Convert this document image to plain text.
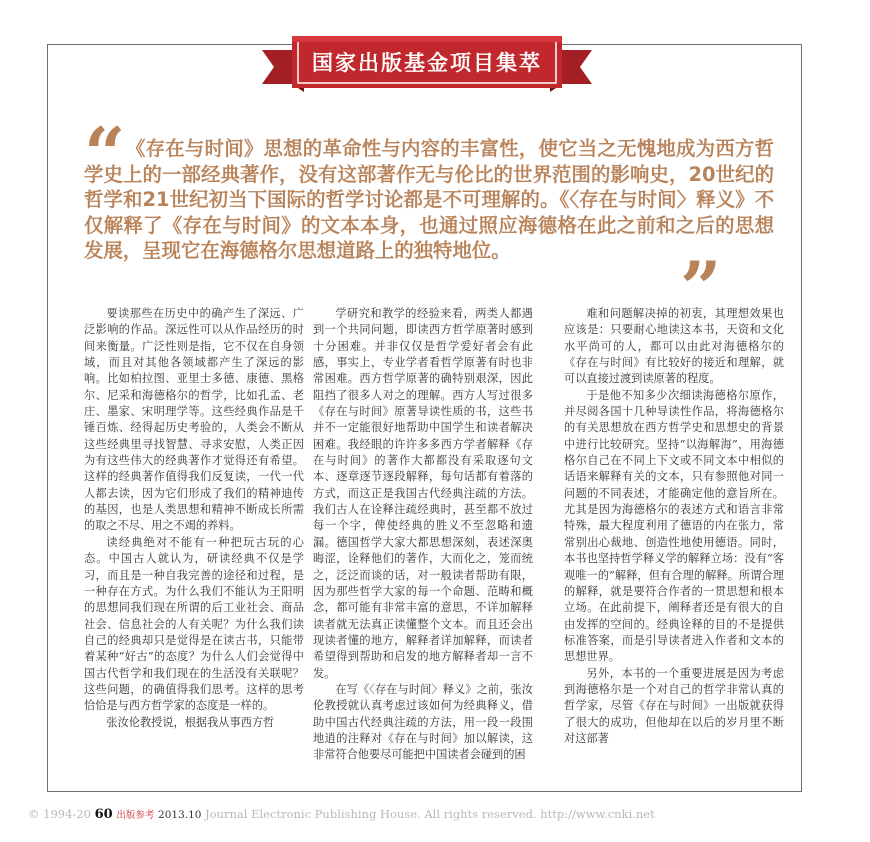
国家出版基金项目集萃
“ 《存在与时间》思想的革命性与内容的丰富性，使它当之无愧地成为西方哲学史上的一部经典著作，没有这部著作无与伦比的世界范围的影响史，20世纪的哲学和21世纪初当下国际的哲学讨论都是不可理解的。《〈存在与时间〉释义》不仅解释了《存在与时间》的文本本身，也通过照应海德格在此之前和之后的思想发展，呈现它在海德格尔思想道路上的独特地位。	”

要读那些在历史中的确产生了深远、广泛影响的作品。深远性可以从作品经历的时间来衡量。广泛性则是指，它不仅在自身领域，而且对其他各领域都产生了深远的影响。比如柏拉图、亚里士多德、康德、黑格尔、尼采和海德格尔的哲学，比如孔孟、老庄、墨家、宋明理学等。这些经典作品是千锤百炼、经得起历史考验的，人类会不断从这些经典里寻找智慧、寻求安慰，人类正因为有这些伟大的经典著作才觉得还有希望。这样的经典著作值得我们反复读，一代一代人都去读，因为它们形成了我们的精神迪传的基因，也是人类思想和精神不断成长所需的取之不尽、用之不竭的养料。

读经典绝对不能有一种把玩古玩的心态。中国古人就认为，研读经典不仅是学习，而且是一种自我完善的途径和过程，是一种存在方式。为什么我们不能认为王阳明的思想同我们现在所谓的后工业社会、商品社会、信息社会的人有关呢？为什么我们读自己的经典却只是觉得是在读古书，只能带着某种“好古”的态度？为什么人们会觉得中国古代哲学和我们现在的生活没有关联呢？这些问题，的确值得我们思考。这样的思考恰恰是与西方哲学家的态度是一样的。

张汝伦教授说，根据我从事西方哲

学研究和教学的经验来看，两类人都遇到一个共同问题，即读西方哲学原著时感到十分困难。并非仅仅是哲学爱好者会有此感，事实上，专业学者看哲学原著有时也非常困难。西方哲学原著的确特别艰深，因此阻挡了很多人对之的理解。西方人写过很多《存在与时间》原著导读性质的书，这些书并不一定能很好地帮助中国学生和读者解决困难。我经眼的许许多多西方学者解释《存在与时间》的著作大都都没有采取逐句文本、逐章逐节逐段解释，每句话都有着落的方式，而这正是我国古代经典注疏的方法。我们古人在诠释注疏经典时，甚至都不放过每一个字，俾使经典的胜义不至忽略和遗漏。德国哲学大家大都思想深刻，表述深奥晦涩，诠释他们的著作，大而化之，笼而统之，泛泛而谈的话，对一般读者帮助有限，因为那些哲学大家的每一个命题、范畴和概念，都可能有非常丰富的意思，不详加解释读者就无法真正读懂整个文本。而且还会出现读者懂的地方，解释者详加解释，而读者希望得到帮助和启发的地方解释者却一言不发。

在写《〈存在与时间〉释义》之前，张汝伦教授就认真考虑过该如何为经典释义，借助中国古代经典注疏的方法，用一段一段围地逍的注释对《存在与时间》加以解读，这非常符合他要尽可能把中国读者会碰到的困

难和问题解决掉的初衷，其理想效果也应该是：只要耐心地读这本书，天资和文化水平尚可的人，都可以由此对海德格尔的《存在与时间》有比较好的接近和理解，就可以直接过渡到读原著的程度。

于是他不知多少次细读海德格尔原作，并尽阅各国十几种导读性作品，将海德格尔的有关思想放在西方哲学史和思想史的背景中进行比较研究。坚持“以海解海”，用海德格尔自己在不同上下文或不同文本中相似的话语来解释有关的文本，只有参照他对同一问题的不同表述，才能确定他的意旨所在。尤其是因为海德格尔的表述方式和语言非常特殊，最大程度利用了德语的内在张力，常常别出心裁地、创造性地使用德语。同时，本书也坚持哲学释义学的解释立场：没有“客观唯一的”解释，但有合理的解释。所谓合理的解释，就是要符合作者的一贯思想和根本立场。在此前提下，阐释者还是有很大的自由发挥的空间的。经典诠释的目的不是提供标准答案，而是引导读者进入作者和文本的思想世界。

另外，本书的一个重要进展是因为考虑到海德格尔是一个对自己的哲学非常认真的哲学家，尽管《存在与时间》一出版就获得了很大的成功，但他却在以后的岁月里不断对这部著

© 1994-20 60 出版参考 2013.10 Journal Electronic Publishing House. All rights reserved. http://www.cnki.net
